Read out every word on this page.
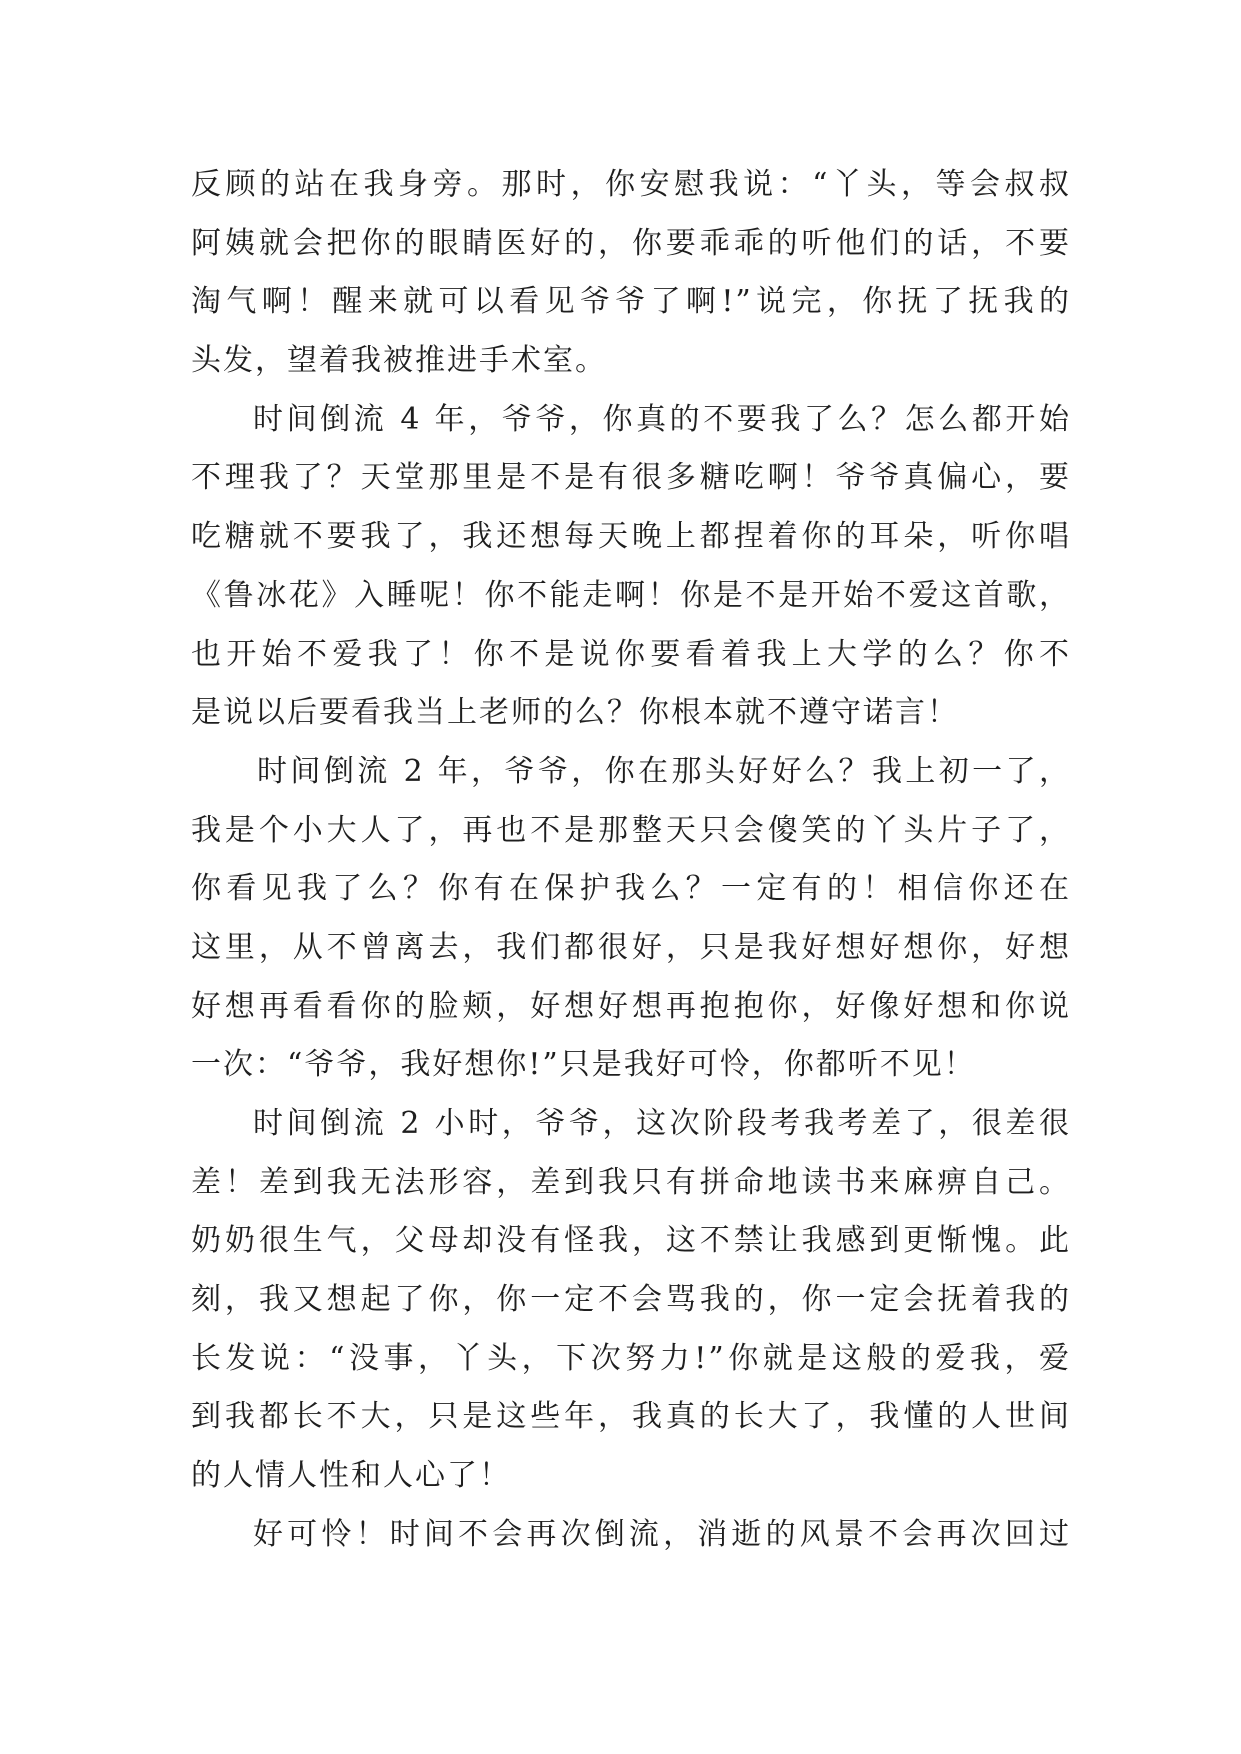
反顾的站在我身旁。那时，你安慰我说：“丫头，等会叔叔
阿姨就会把你的眼睛医好的，你要乖乖的听他们的话，不要
淘气啊！醒来就可以看见爷爷了啊!”说完，你抚了抚我的
头发，望着我被推进手术室。
时间倒流 4 年，爷爷，你真的不要我了么？怎么都开始
不理我了？天堂那里是不是有很多糖吃啊！爷爷真偏心，要
吃糖就不要我了，我还想每天晚上都捏着你的耳朵，听你唱
《鲁冰花》入睡呢！你不能走啊！你是不是开始不爱这首歌，
也开始不爱我了！你不是说你要看着我上大学的么？你不
是说以后要看我当上老师的么？你根本就不遵守诺言！
时间倒流 2 年，爷爷，你在那头好好么？我上初一了，
我是个小大人了，再也不是那整天只会傻笑的丫头片子了，
你看见我了么？你有在保护我么？一定有的！相信你还在
这里，从不曾离去，我们都很好，只是我好想好想你，好想
好想再看看你的脸颊，好想好想再抱抱你，好像好想和你说
一次：“爷爷，我好想你!”只是我好可怜，你都听不见！
时间倒流 2 小时，爷爷，这次阶段考我考差了，很差很
差！差到我无法形容，差到我只有拼命地读书来麻痹自己。
奶奶很生气，父母却没有怪我，这不禁让我感到更惭愧。此
刻，我又想起了你，你一定不会骂我的，你一定会抚着我的
长发说：“没事，丫头，下次努力!”你就是这般的爱我，爱
到我都长不大，只是这些年，我真的长大了，我懂的人世间
的人情人性和人心了！
好可怜！时间不会再次倒流，消逝的风景不会再次回过
